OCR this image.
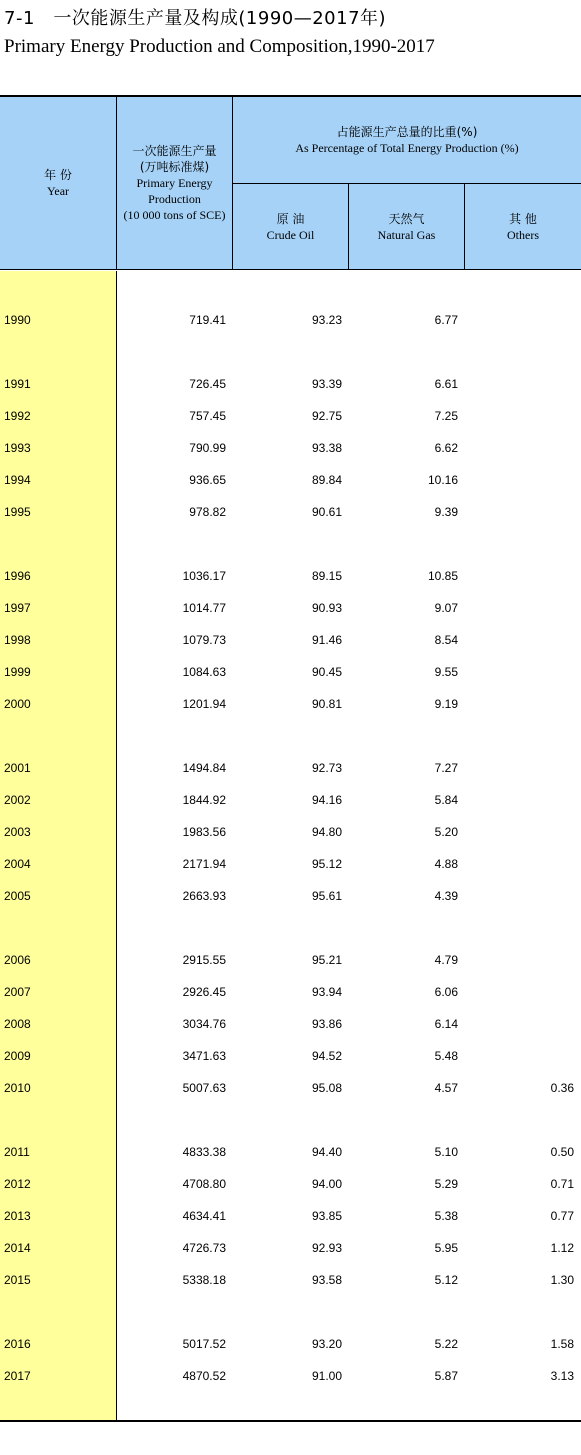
7-1　一次能源生产量及构成(1990—2017年)
Primary Energy Production and Composition,1990-2017
年 份
Year
一次能源生产量
(万吨标准煤)
Primary Energy
Production
(10 000 tons of SCE)
占能源生产总量的比重(%)
As Percentage of Total Energy Production (%)
原 油
Crude Oil
天然气
Natural Gas
其 他
Others
1990	719.41	93.23	6.77
1991	726.45	93.39	6.61
1992	757.45	92.75	7.25
1993	790.99	93.38	6.62
1994	936.65	89.84	10.16
1995	978.82	90.61	9.39
1996	1036.17	89.15	10.85
1997	1014.77	90.93	9.07
1998	1079.73	91.46	8.54
1999	1084.63	90.45	9.55
2000	1201.94	90.81	9.19
2001	1494.84	92.73	7.27
2002	1844.92	94.16	5.84
2003	1983.56	94.80	5.20
2004	2171.94	95.12	4.88
2005	2663.93	95.61	4.39
2006	2915.55	95.21	4.79
2007	2926.45	93.94	6.06
2008	3034.76	93.86	6.14
2009	3471.63	94.52	5.48
2010	5007.63	95.08	4.57	0.36
2011	4833.38	94.40	5.10	0.50
2012	4708.80	94.00	5.29	0.71
2013	4634.41	93.85	5.38	0.77
2014	4726.73	92.93	5.95	1.12
2015	5338.18	93.58	5.12	1.30
2016	5017.52	93.20	5.22	1.58
2017	4870.52	91.00	5.87	3.13
